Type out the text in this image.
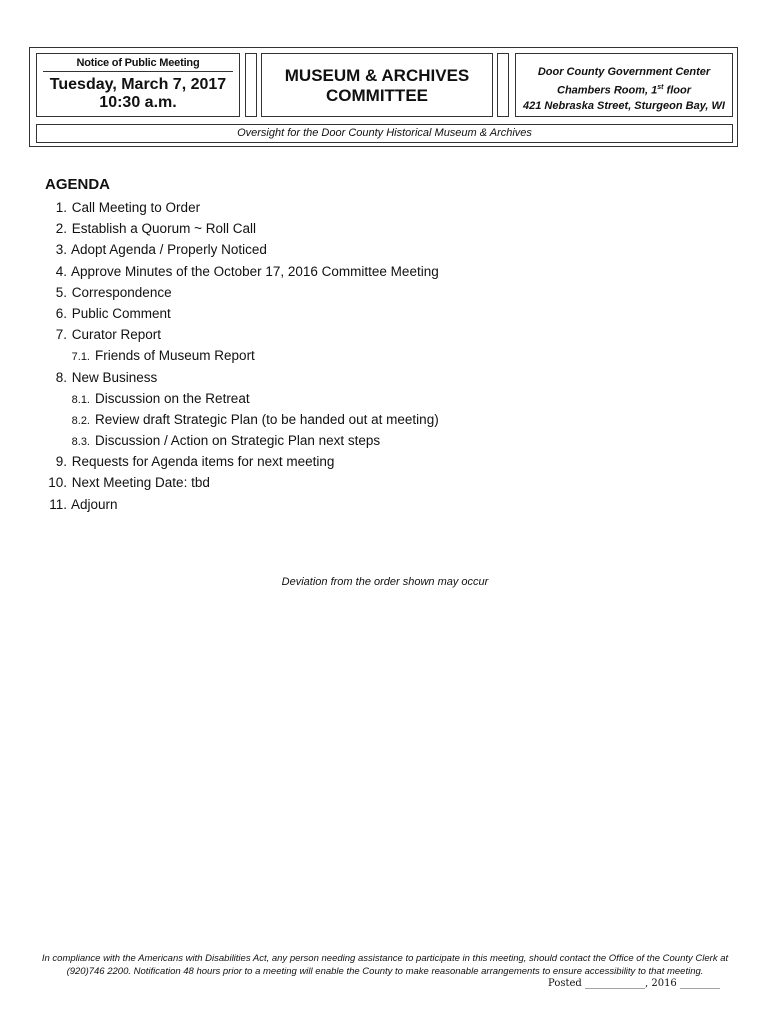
Notice of Public Meeting
Tuesday, March 7, 2017
10:30 a.m.
MUSEUM & ARCHIVES
COMMITTEE
Door County Government Center
Chambers Room, 1st floor
421 Nebraska Street, Sturgeon Bay, WI
Oversight for the Door County Historical Museum & Archives
AGENDA
1. Call Meeting to Order
2. Establish a Quorum ~ Roll Call
3. Adopt Agenda / Properly Noticed
4. Approve Minutes of the October 17, 2016 Committee Meeting
5. Correspondence
6. Public Comment
7. Curator Report
7.1. Friends of Museum Report
8. New Business
8.1. Discussion on the Retreat
8.2. Review draft Strategic Plan (to be handed out at meeting)
8.3. Discussion / Action on Strategic Plan next steps
9. Requests for Agenda items for next meeting
10. Next Meeting Date: tbd
11. Adjourn
Deviation from the order shown may occur
In compliance with the Americans with Disabilities Act, any person needing assistance to participate in this meeting, should contact the Office of the County Clerk at
(920)746 2200. Notification 48 hours prior to a meeting will enable the County to make reasonable arrangements to ensure accessibility to that meeting.
Posted ____________, 2016 ________
